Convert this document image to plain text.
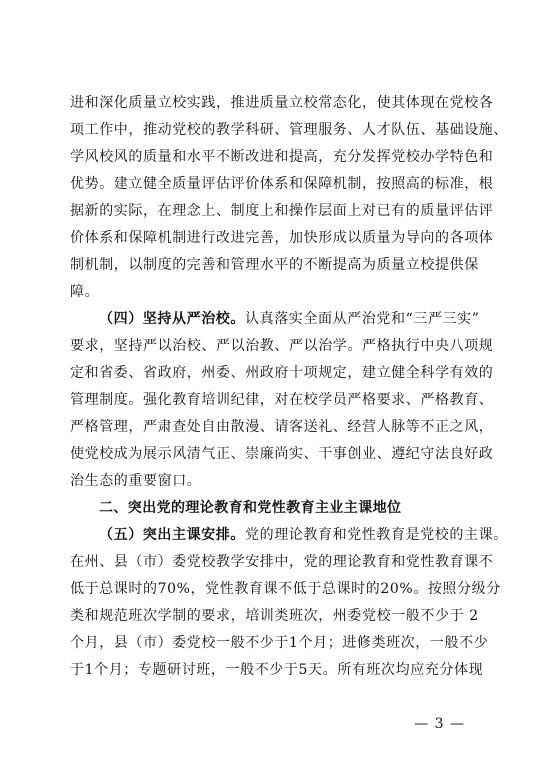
进和深化质量立校实践，推进质量立校常态化，使其体现在党校各
项工作中，推动党校的教学科研、管理服务、人才队伍、基础设施、
学风校风的质量和水平不断改进和提高，充分发挥党校办学特色和
优势。建立健全质量评估评价体系和保障机制，按照高的标准，根
据新的实际，在理念上、制度上和操作层面上对已有的质量评估评
价体系和保障机制进行改进完善，加快形成以质量为导向的各项体
制机制，以制度的完善和管理水平的不断提高为质量立校提供保
障。
（四）坚持从严治校。认真落实全面从严治党和“三严三实”
要求，坚持严以治校、严以治教、严以治学。严格执行中央八项规
定和省委、省政府，州委、州政府十项规定，建立健全科学有效的
管理制度。强化教育培训纪律，对在校学员严格要求、严格教育、
严格管理，严肃查处自由散漫、请客送礼、经营人脉等不正之风，
使党校成为展示风清气正、崇廉尚实、干事创业、遵纪守法良好政
治生态的重要窗口。
二、突出党的理论教育和党性教育主业主课地位
（五）突出主课安排。党的理论教育和党性教育是党校的主课。
在州、县（市）委党校教学安排中，党的理论教育和党性教育课不
低于总课时的70%，党性教育课不低于总课时的20%。按照分级分
类和规范班次学制的要求，培训类班次，州委党校一般不少于 2
个月，县（市）委党校一般不少于1个月；进修类班次，一般不少
于1个月；专题研讨班，一般不少于5天。所有班次均应充分体现
— 3 —
